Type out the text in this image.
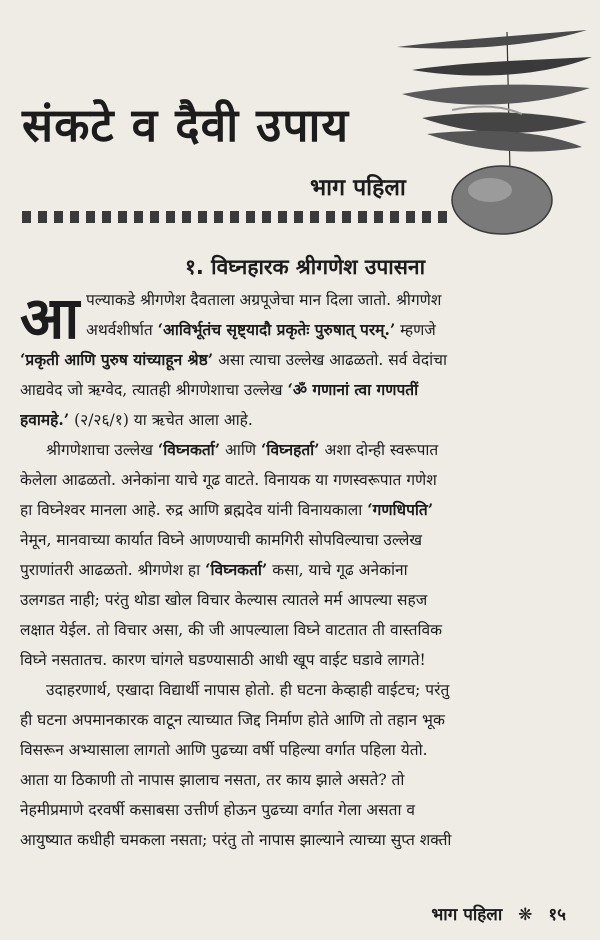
संकटे व दैवी उपाय
भाग पहिला
१. विघ्नहारक श्रीगणेश उपासना
आ पल्याकडे श्रीगणेश दैवताला अग्रपूजेचा मान दिला जातो. श्रीगणेश
अथर्वशीर्षात ‘आविर्भूतंच सृष्ट्यादौ प्रकृतेः पुरुषात् परम्.’ म्हणजे
‘प्रकृती आणि पुरुष यांच्याहून श्रेष्ठ’ असा त्याचा उल्लेख आढळतो. सर्व वेदांचा
आद्यवेद जो ऋग्वेद, त्यातही श्रीगणेशाचा उल्लेख ‘ॐ गणानां त्वा गणपतीं
हवामहे.’ (२/२६/१) या ऋचेत आला आहे.
श्रीगणेशाचा उल्लेख ‘विघ्नकर्ता’ आणि ‘विघ्नहर्ता’ अशा दोन्ही स्वरूपात
केलेला आढळतो. अनेकांना याचे गूढ वाटते. विनायक या गणस्वरूपात गणेश
हा विघ्नेश्वर मानला आहे. रुद्र आणि ब्रह्मदेव यांनी विनायकाला ‘गणधिपति’
नेमून, मानवाच्या कार्यात विघ्ने आणण्याची कामगिरी सोपविल्याचा उल्लेख
पुराणांतरी आढळतो. श्रीगणेश हा ‘विघ्नकर्ता’ कसा, याचे गूढ अनेकांना
उलगडत नाही; परंतु थोडा खोल विचार केल्यास त्यातले मर्म आपल्या सहज
लक्षात येईल. तो विचार असा, की जी आपल्याला विघ्ने वाटतात ती वास्तविक
विघ्ने नसतातच. कारण चांगले घडण्यासाठी आधी खूप वाईट घडावे लागते!
उदाहरणार्थ, एखादा विद्यार्थी नापास होतो. ही घटना केव्हाही वाईटच; परंतु
ही घटना अपमानकारक वाटून त्याच्यात जिद्द निर्माण होते आणि तो तहान भूक
विसरून अभ्यासाला लागतो आणि पुढच्या वर्षी पहिल्या वर्गात पहिला येतो.
आता या ठिकाणी तो नापास झालाच नसता, तर काय झाले असते? तो
नेहमीप्रमाणे दरवर्षी कसाबसा उत्तीर्ण होऊन पुढच्या वर्गात गेला असता व
आयुष्यात कधीही चमकला नसता; परंतु तो नापास झाल्याने त्याच्या सुप्त शक्ती
भाग पहिला ❋ १५
